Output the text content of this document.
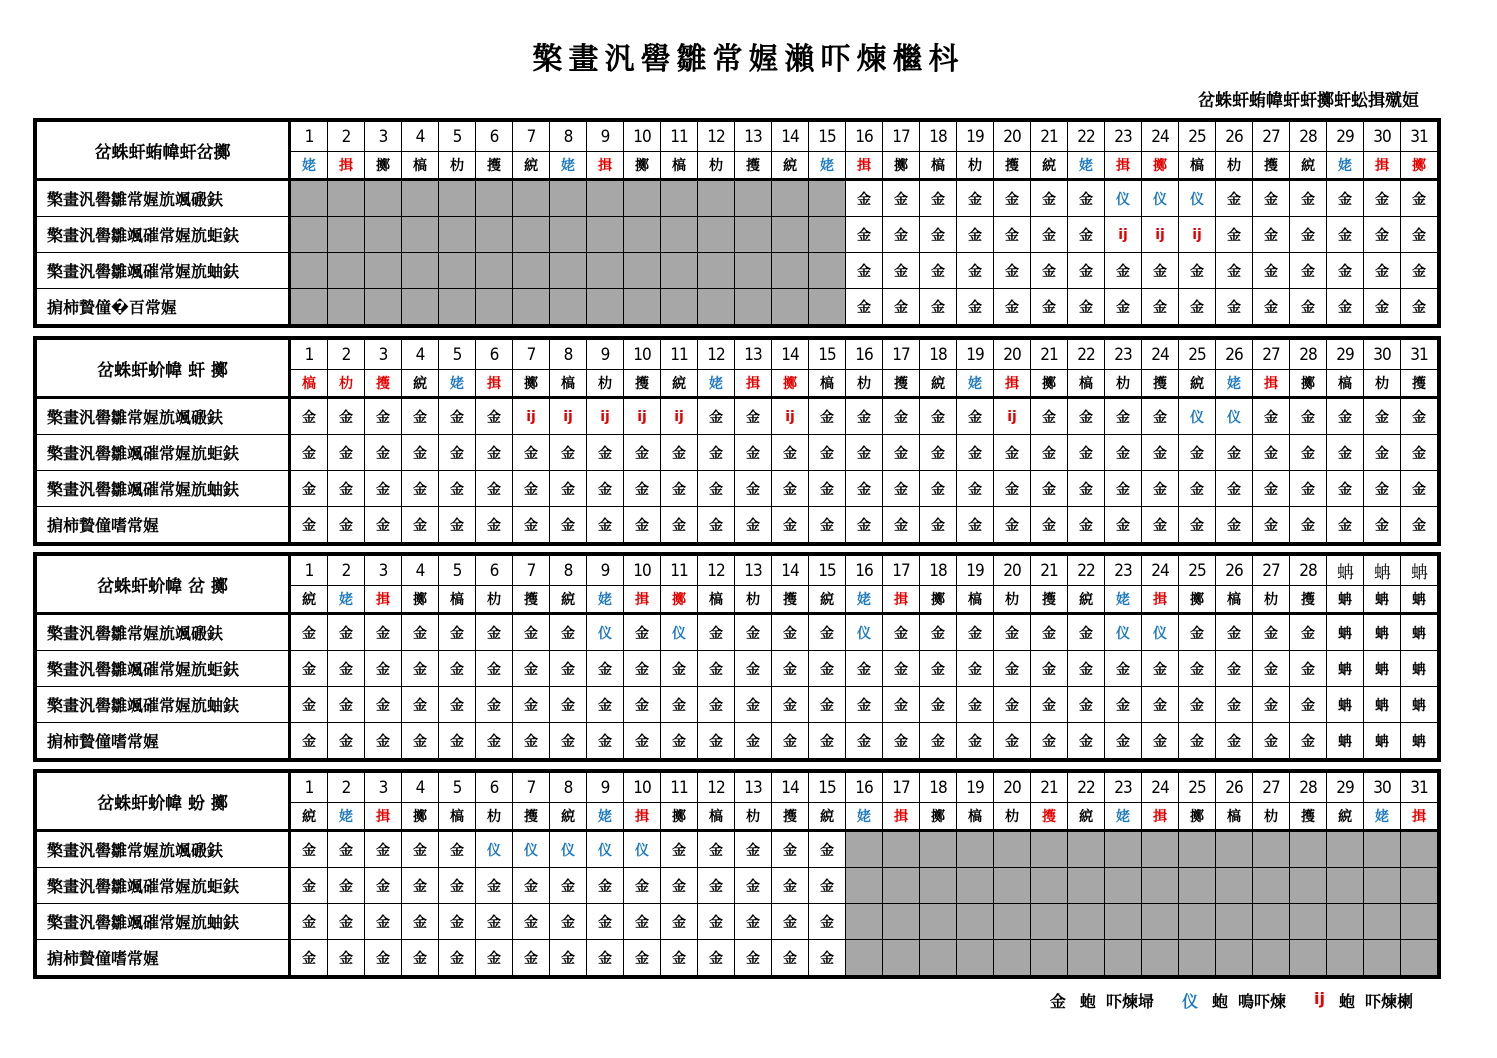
檠畫汎嚳雛常媉瀨吓煉檵枓
岔蛛虷蛕幃虷虷擲虷蚣揖殧姮
岔蛛虷蛕幃虷岔擲	1	2	3	4	5	6	7	8	9	10	11	12	13	14	15	16	17	18	19	20	21	22	23	24	25	26	27	28	29	30	31
	姥	揖	擲	槁	朸	擭	綂	姥	揖	擲	槁	朸	擭	綂	姥	揖	擲	槁	朸	擭	綂	姥	揖	擲	槁	朸	擭	綂	姥	揖	擲
檠畫汎嚳雛常媉斻颯磤鈇																金	金	金	金	金	金	金	仪	仪	仪	金	金	金	金	金	金
檠畫汎嚳雛颯磪常媉斻蚷鈇																金	金	金	金	金	金	金	ij	ij	ij	金	金	金	金	金	金
檠畫汎嚳雛颯磪常媉斻蚰鈇																金	金	金	金	金	金	金	金	金	金	金	金	金	金	金	金
掮柿贄僮�百常媉																金	金	金	金	金	金	金	金	金	金	金	金	金	金	金	金
岔蛛虷蚧幃 虷 擲	1	2	3	4	5	6	7	8	9	10	11	12	13	14	15	16	17	18	19	20	21	22	23	24	25	26	27	28	29	30	31
	槁	朸	擭	綂	姥	揖	擲	槁	朸	擭	綂	姥	揖	擲	槁	朸	擭	綂	姥	揖	擲	槁	朸	擭	綂	姥	揖	擲	槁	朸	擭
檠畫汎嚳雛常媉斻颯磤鈇	金	金	金	金	金	金	ij	ij	ij	ij	ij	金	金	ij	金	金	金	金	金	ij	金	金	金	金	仪	仪	金	金	金	金	金
檠畫汎嚳雛颯磪常媉斻蚷鈇	金	金	金	金	金	金	金	金	金	金	金	金	金	金	金	金	金	金	金	金	金	金	金	金	金	金	金	金	金	金	金
檠畫汎嚳雛颯磪常媉斻蚰鈇	金	金	金	金	金	金	金	金	金	金	金	金	金	金	金	金	金	金	金	金	金	金	金	金	金	金	金	金	金	金	金
掮柿贄僮嗜常媉	金	金	金	金	金	金	金	金	金	金	金	金	金	金	金	金	金	金	金	金	金	金	金	金	金	金	金	金	金	金	金
岔蛛虷蚧幃 岔 擲	1	2	3	4	5	6	7	8	9	10	11	12	13	14	15	16	17	18	19	20	21	22	23	24	25	26	27	28	蚺	蚺	蚺
	綂	姥	揖	擲	槁	朸	擭	綂	姥	揖	擲	槁	朸	擭	綂	姥	揖	擲	槁	朸	擭	綂	姥	揖	擲	槁	朸	擭	蚺	蚺	蚺
檠畫汎嚳雛常媉斻颯磤鈇	金	金	金	金	金	金	金	金	仪	金	仪	金	金	金	金	仪	金	金	金	金	金	金	仪	仪	金	金	金	金	蚺	蚺	蚺
檠畫汎嚳雛颯磪常媉斻蚷鈇	金	金	金	金	金	金	金	金	金	金	金	金	金	金	金	金	金	金	金	金	金	金	金	金	金	金	金	金	蚺	蚺	蚺
檠畫汎嚳雛颯磪常媉斻蚰鈇	金	金	金	金	金	金	金	金	金	金	金	金	金	金	金	金	金	金	金	金	金	金	金	金	金	金	金	金	蚺	蚺	蚺
掮柿贄僮嗜常媉	金	金	金	金	金	金	金	金	金	金	金	金	金	金	金	金	金	金	金	金	金	金	金	金	金	金	金	金	蚺	蚺	蚺
岔蛛虷蚧幃 蚡 擲	1	2	3	4	5	6	7	8	9	10	11	12	13	14	15	16	17	18	19	20	21	22	23	24	25	26	27	28	29	30	31
	綂	姥	揖	擲	槁	朸	擭	綂	姥	揖	擲	槁	朸	擭	綂	姥	揖	擲	槁	朸	擭	綂	姥	揖	擲	槁	朸	擭	綂	姥	揖
檠畫汎嚳雛常媉斻颯磤鈇	金	金	金	金	金	仪	仪	仪	仪	仪	金	金	金	金	金																
檠畫汎嚳雛颯磪常媉斻蚷鈇	金	金	金	金	金	金	金	金	金	金	金	金	金	金	金																
檠畫汎嚳雛颯磪常媉斻蚰鈇	金	金	金	金	金	金	金	金	金	金	金	金	金	金	金																
掮柿贄僮嗜常媉	金	金	金	金	金	金	金	金	金	金	金	金	金	金	金																
金 蚫 吓煉埽 仪 蚫 鳴吓煉 ij 蚫 吓煉楋
